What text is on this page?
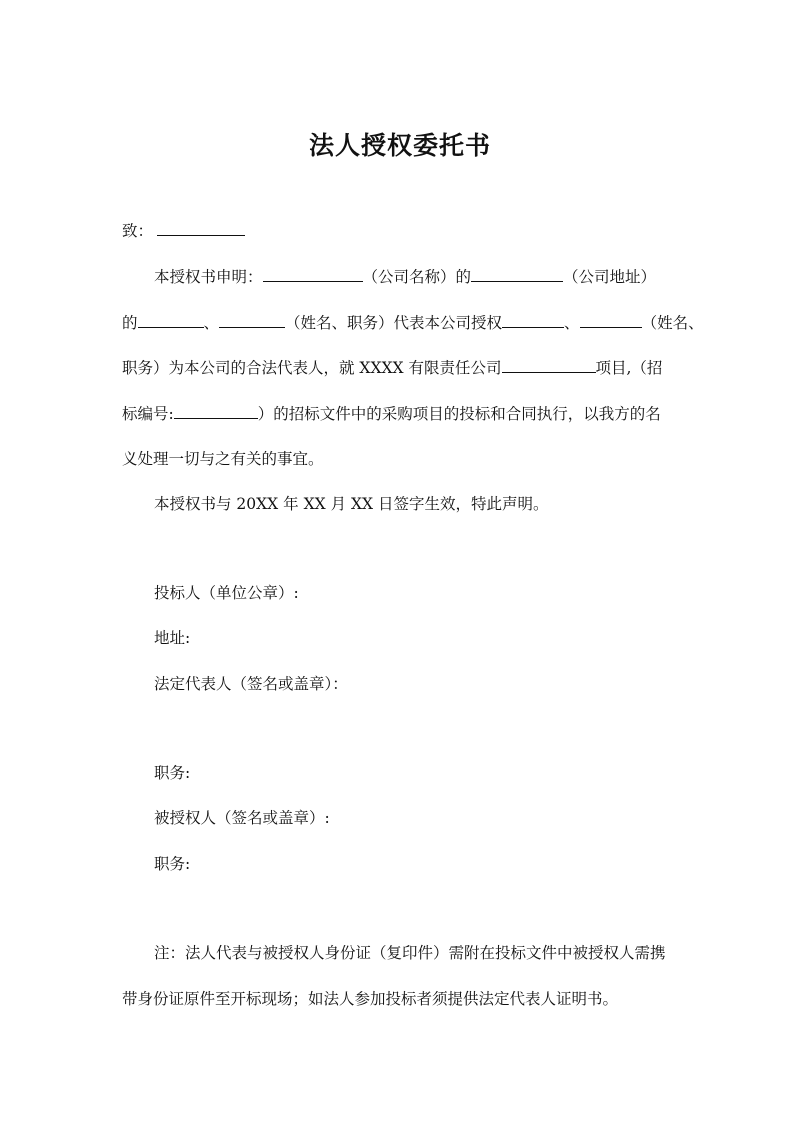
法人授权委托书
致：
本授权书申明：	（公司名称）的	（公司地址）
的	、	（姓名、职务）代表本公司授权	、	（姓名、
职务）为本公司的合法代表人，就 XXXX 有限责任公司	项目,（招
标编号:	）的招标文件中的采购项目的投标和合同执行，以我方的名
义处理一切与之有关的事宜。
本授权书与 20XX 年 XX 月 XX 日签字生效，特此声明。
投标人（单位公章）:
地址:
法定代表人（签名或盖章）：
职务:
被授权人（签名或盖章）:
职务:
注：法人代表与被授权人身份证（复印件）需附在投标文件中被授权人需携
带身份证原件至开标现场；如法人参加投标者须提供法定代表人证明书。
